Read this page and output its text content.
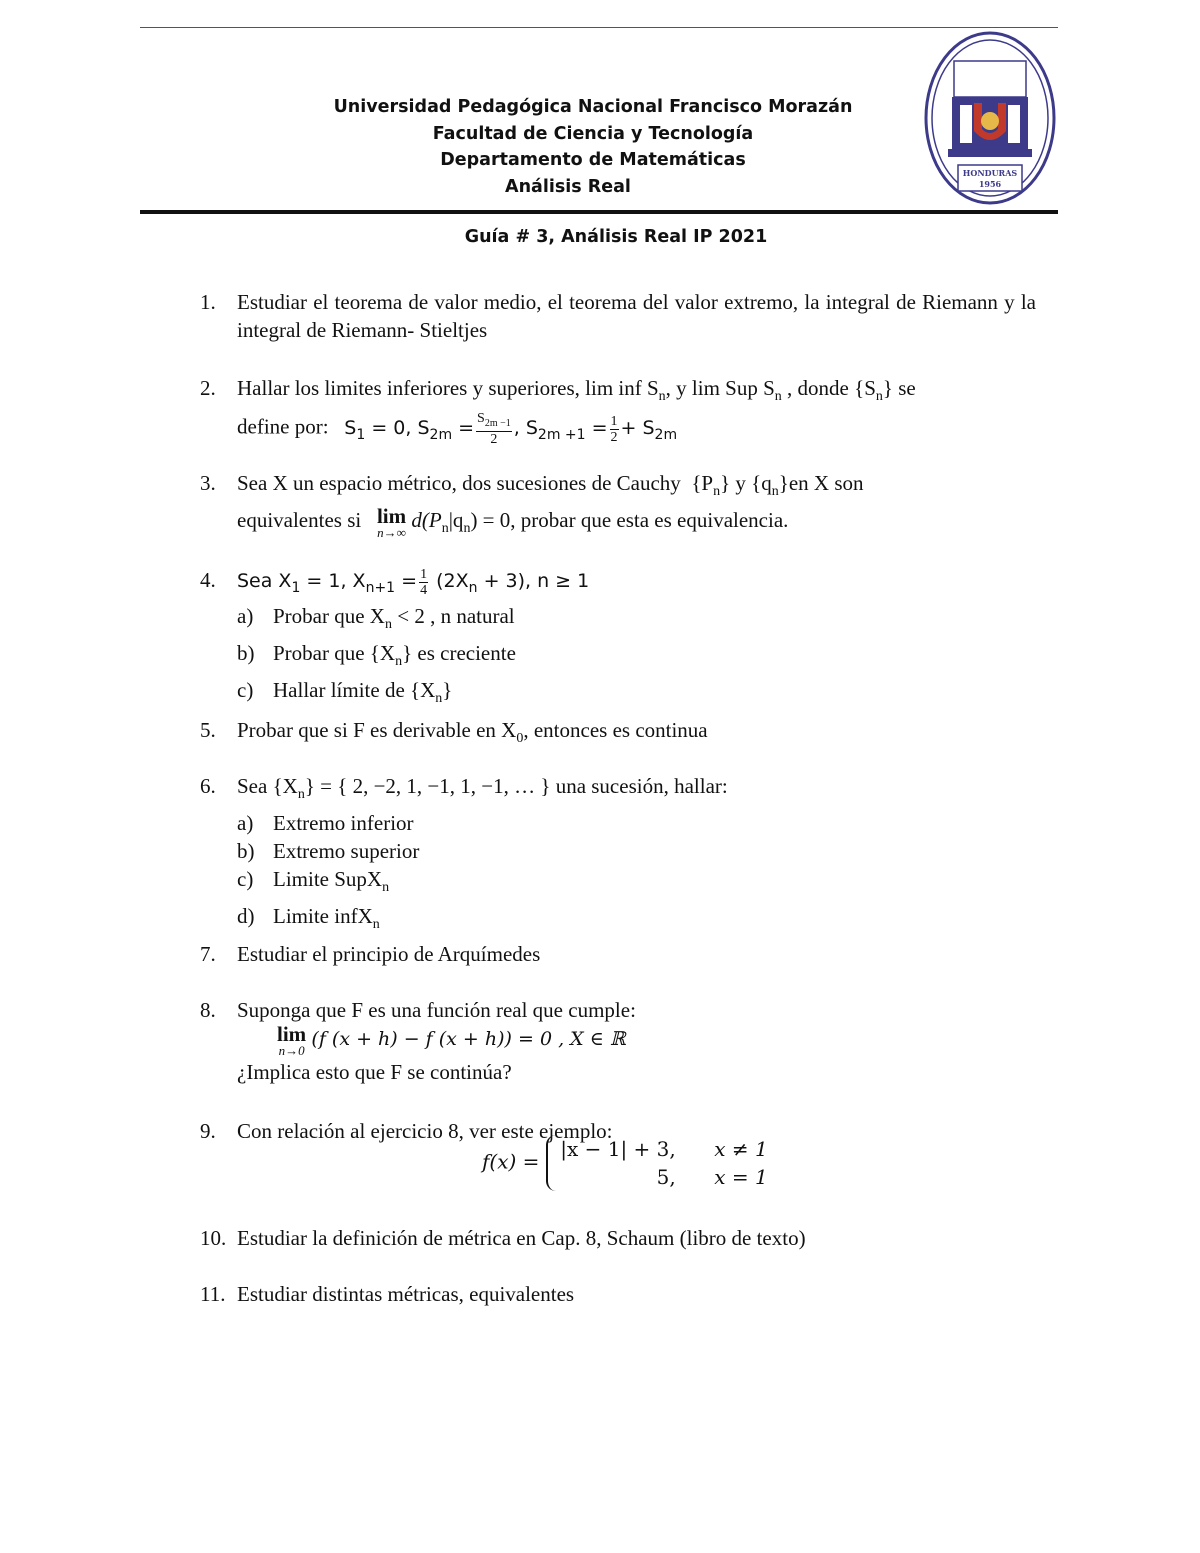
Universidad Pedagógica Nacional Francisco Morazán
Facultad de Ciencia y Tecnología
Departamento de Matemáticas
Análisis Real
HONDURAS
1956
Guía # 3, Análisis Real IP 2021
1. Estudiar el teorema de valor medio, el teorema del valor extremo, la integral de Riemann y la integral de Riemann- Stieltjes
2. Hallar los limites inferiores y superiores, lim inf $S_n$, y lim Sup $S_n$ , donde $\{S_n\}$ se
define por: $S_1 = 0$, $S_{2m} = \frac{S_{2m -1}}{2}$ , $S_{2m +1} = \frac{1}{2} + S_{2m}$
3. Sea X un espacio métrico, dos sucesiones de Cauchy $\{P_n\}$ y $\{q_n\}en$ X son
equivalentes si lim
n→∞
$d(P_n|q_n) = 0$, probar que esta es equivalencia.
4. Sea $X_1 = 1$, $X_{n+1} = \frac{1}{4} (2X_n + 3)$, n ≥ 1
a) Probar que $X_n < 2$ , n natural
b) Probar que $\{X_n\}$ es creciente
c) Hallar límite de $\{X_n\}$
5. Probar que si F es derivable en $X_0$, entonces es continua
6. Sea $\{X_n\}$ = { 2, −2, 1, −1, 1, −1, … } una sucesión, hallar:
a) Extremo inferior
b) Extremo superior
c) Limite SupX$_n$
d) Limite infX$_n$
7. Estudiar el principio de Arquímedes
8. Suponga que F es una función real que cumple:
lim
n→0
(f (x + h) − f (x + h)) = 0 , X ∈ ℝ
¿Implica esto que F se continúa?
9. Con relación al ejercicio 8, ver este ejemplo:
f(x) =
|x − 1| + 3, x ≠ 1
5, x = 1
10. Estudiar la definición de métrica en Cap. 8, Schaum (libro de texto)
11. Estudiar distintas métricas, equivalentes
